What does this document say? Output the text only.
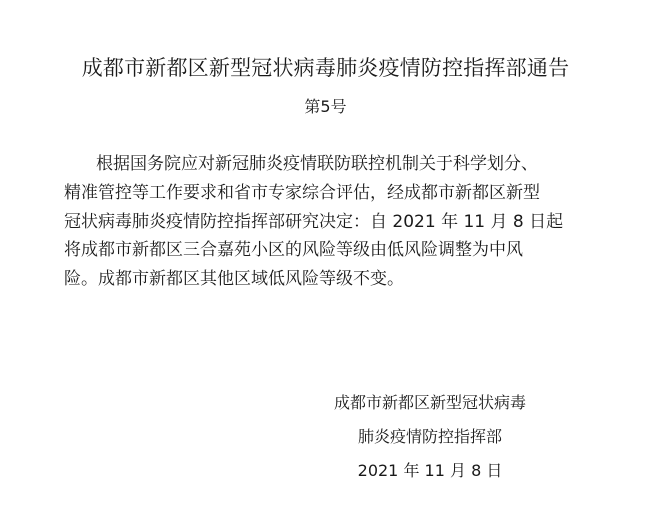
成都市新都区新型冠状病毒肺炎疫情防控指挥部通告
第5号
根据国务院应对新冠肺炎疫情联防联控机制关于科学划分、
精准管控等工作要求和省市专家综合评估，经成都市新都区新型
冠状病毒肺炎疫情防控指挥部研究决定：自 2021 年 11 月 8 日起
将成都市新都区三合嘉苑小区的风险等级由低风险调整为中风
险。成都市新都区其他区域低风险等级不变。
成都市新都区新型冠状病毒
肺炎疫情防控指挥部
2021 年 11 月 8 日
